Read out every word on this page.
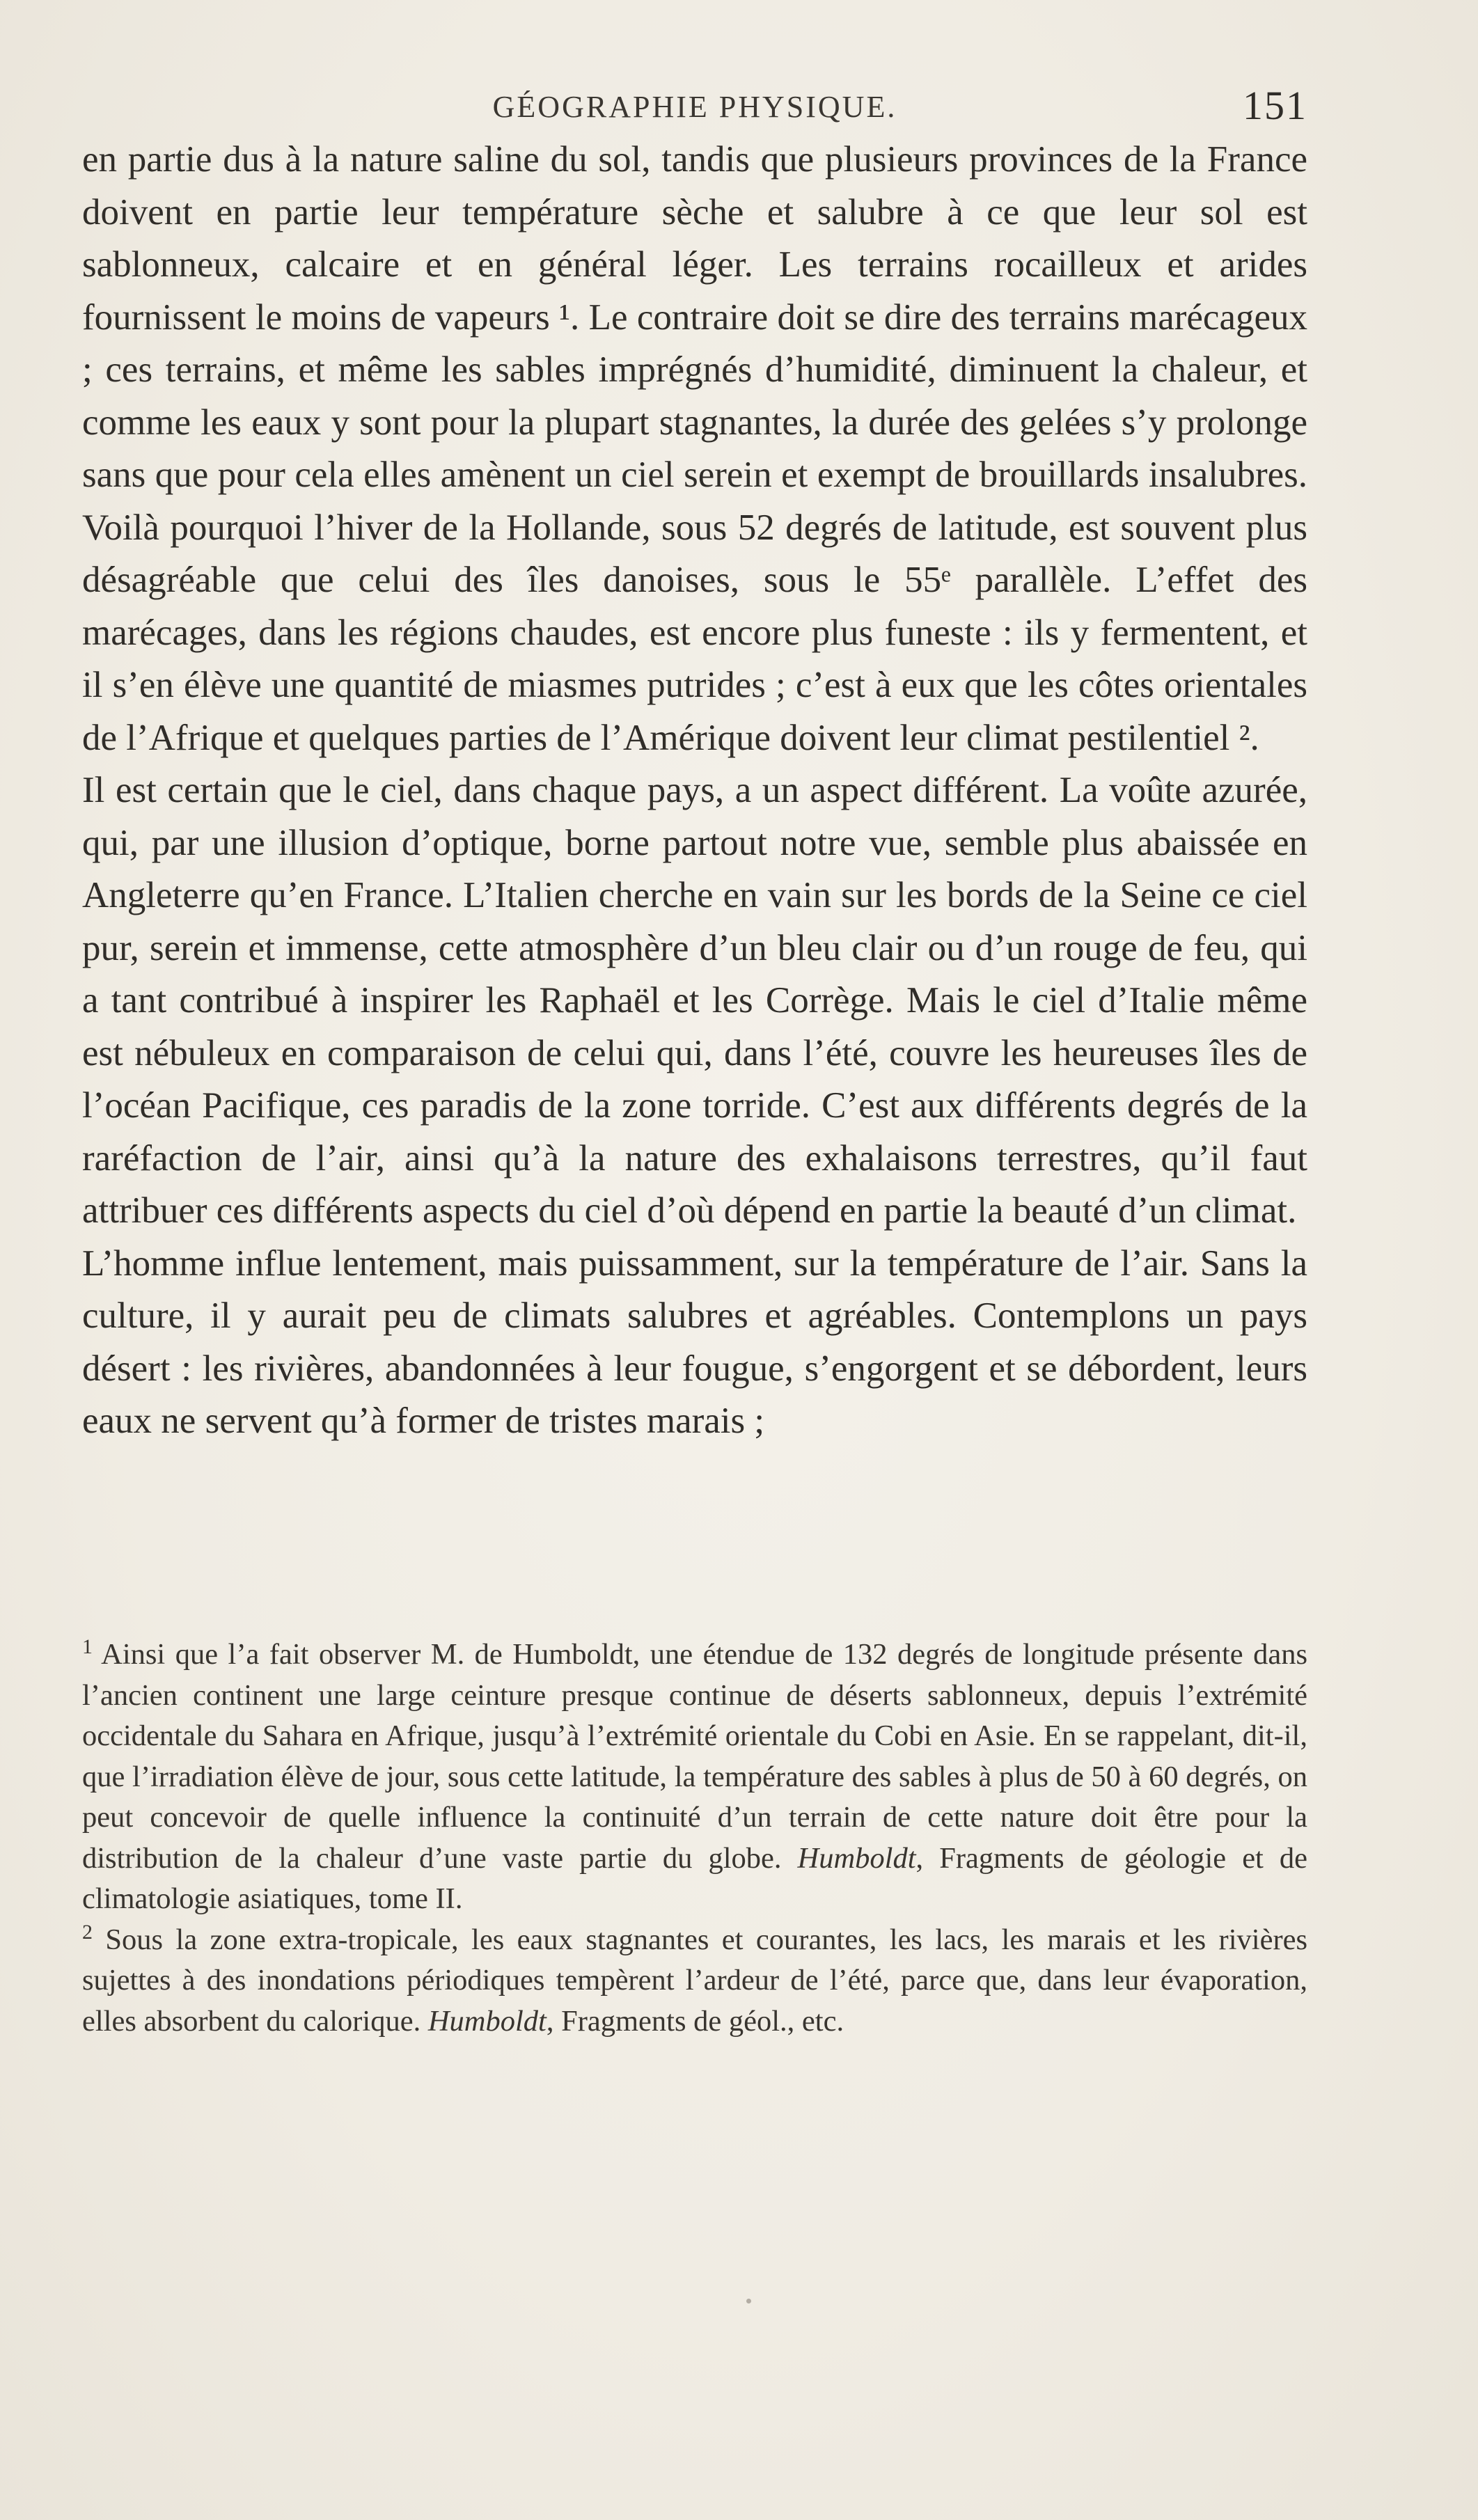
GÉOGRAPHIE PHYSIQUE.	151

en partie dus à la nature saline du sol, tandis que plusieurs provinces de la France doivent en partie leur température sèche et salubre à ce que leur sol est sablonneux, calcaire et en général léger. Les terrains rocailleux et arides fournissent le moins de vapeurs ¹. Le contraire doit se dire des terrains marécageux ; ces terrains, et même les sables imprégnés d’humidité, diminuent la chaleur, et comme les eaux y sont pour la plupart stagnantes, la durée des gelées s’y prolonge sans que pour cela elles amènent un ciel serein et exempt de brouillards insalubres. Voilà pourquoi l’hiver de la Hollande, sous 52 degrés de latitude, est souvent plus désagréable que celui des îles danoises, sous le 55ᵉ parallèle. L’effet des marécages, dans les régions chaudes, est encore plus funeste : ils y fermentent, et il s’en élève une quantité de miasmes putrides ; c’est à eux que les côtes orientales de l’Afrique et quelques parties de l’Amérique doivent leur climat pestilentiel ².

Il est certain que le ciel, dans chaque pays, a un aspect différent. La voûte azurée, qui, par une illusion d’optique, borne partout notre vue, semble plus abaissée en Angleterre qu’en France. L’Italien cherche en vain sur les bords de la Seine ce ciel pur, serein et immense, cette atmosphère d’un bleu clair ou d’un rouge de feu, qui a tant contribué à inspirer les Raphaël et les Corrège. Mais le ciel d’Italie même est nébuleux en comparaison de celui qui, dans l’été, couvre les heureuses îles de l’océan Pacifique, ces paradis de la zone torride. C’est aux différents degrés de la raréfaction de l’air, ainsi qu’à la nature des exhalaisons terrestres, qu’il faut attribuer ces différents aspects du ciel d’où dépend en partie la beauté d’un climat.

L’homme influe lentement, mais puissamment, sur la température de l’air. Sans la culture, il y aurait peu de climats salubres et agréables. Contemplons un pays désert : les rivières, abandonnées à leur fougue, s’engorgent et se débordent, leurs eaux ne servent qu’à former de tristes marais ;

$^1$ Ainsi que l’a fait observer M. de Humboldt, une étendue de 132 degrés de longitude présente dans l’ancien continent une large ceinture presque continue de déserts sablonneux, depuis l’extrémité occidentale du Sahara en Afrique, jusqu’à l’extrémité orientale du Cobi en Asie. En se rappelant, dit-il, que l’irradiation élève de jour, sous cette latitude, la température des sables à plus de 50 à 60 degrés, on peut concevoir de quelle influence la continuité d’un terrain de cette nature doit être pour la distribution de la chaleur d’une vaste partie du globe. Humboldt, Fragments de géologie et de climatologie asiatiques, tome II.

$^2$ Sous la zone extra-tropicale, les eaux stagnantes et courantes, les lacs, les marais et les rivières sujettes à des inondations périodiques tempèrent l’ardeur de l’été, parce que, dans leur évaporation, elles absorbent du calorique. Humboldt, Fragments de géol., etc.
